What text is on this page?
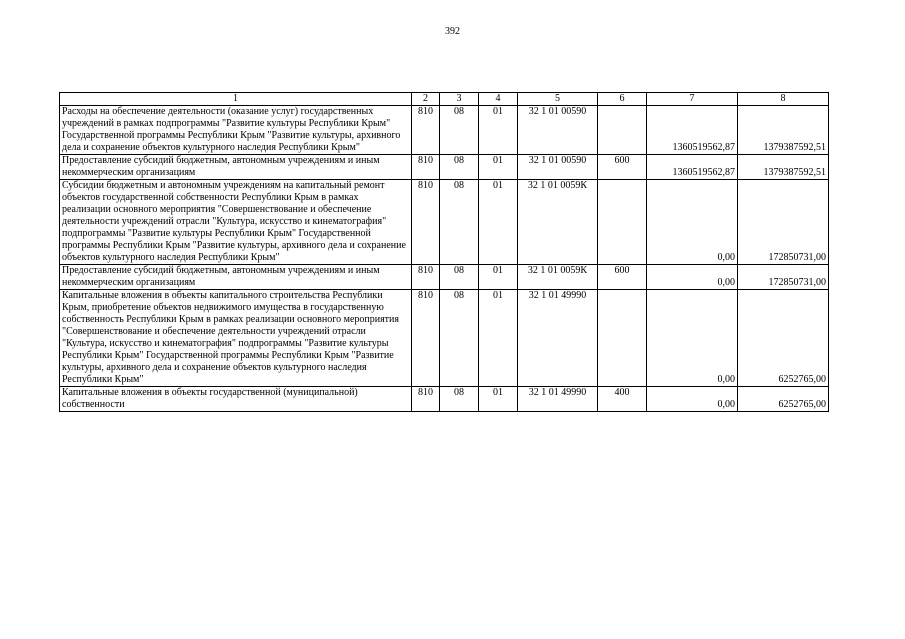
392
1	2	3	4	5	6	7	8
Расходы на обеспечение деятельности (оказание услуг) государственных учреждений в рамках подпрограммы "Развитие культуры Республики Крым" Государственной программы Республики Крым "Развитие культуры, архивного дела и сохранение объектов культурного наследия Республики Крым"	810	08	01	32 1 01 00590		1360519562,87	1379387592,51
Предоставление субсидий бюджетным, автономным учреждениям и иным некоммерческим организациям	810	08	01	32 1 01 00590	600	1360519562,87	1379387592,51
Субсидии бюджетным и автономным учреждениям на капитальный ремонт объектов государственной собственности Республики Крым в рамках реализации основного мероприятия "Совершенствование и обеспечение деятельности учреждений отрасли "Культура, искусство и кинематография" подпрограммы "Развитие культуры Республики Крым" Государственной программы Республики Крым "Развитие культуры, архивного дела и сохранение объектов культурного наследия Республики Крым"	810	08	01	32 1 01 0059К		0,00	172850731,00
Предоставление субсидий бюджетным, автономным учреждениям и иным некоммерческим организациям	810	08	01	32 1 01 0059К	600	0,00	172850731,00
Капитальные вложения в объекты капитального строительства Республики Крым, приобретение объектов недвижимого имущества в государственную собственность Республики Крым в рамках реализации основного мероприятия "Совершенствование и обеспечение деятельности учреждений отрасли "Культура, искусство и кинематография" подпрограммы "Развитие культуры Республики Крым" Государственной программы Республики Крым "Развитие культуры, архивного дела и сохранение объектов культурного наследия Республики Крым"	810	08	01	32 1 01 49990		0,00	6252765,00
Капитальные вложения в объекты государственной (муниципальной) собственности	810	08	01	32 1 01 49990	400	0,00	6252765,00
